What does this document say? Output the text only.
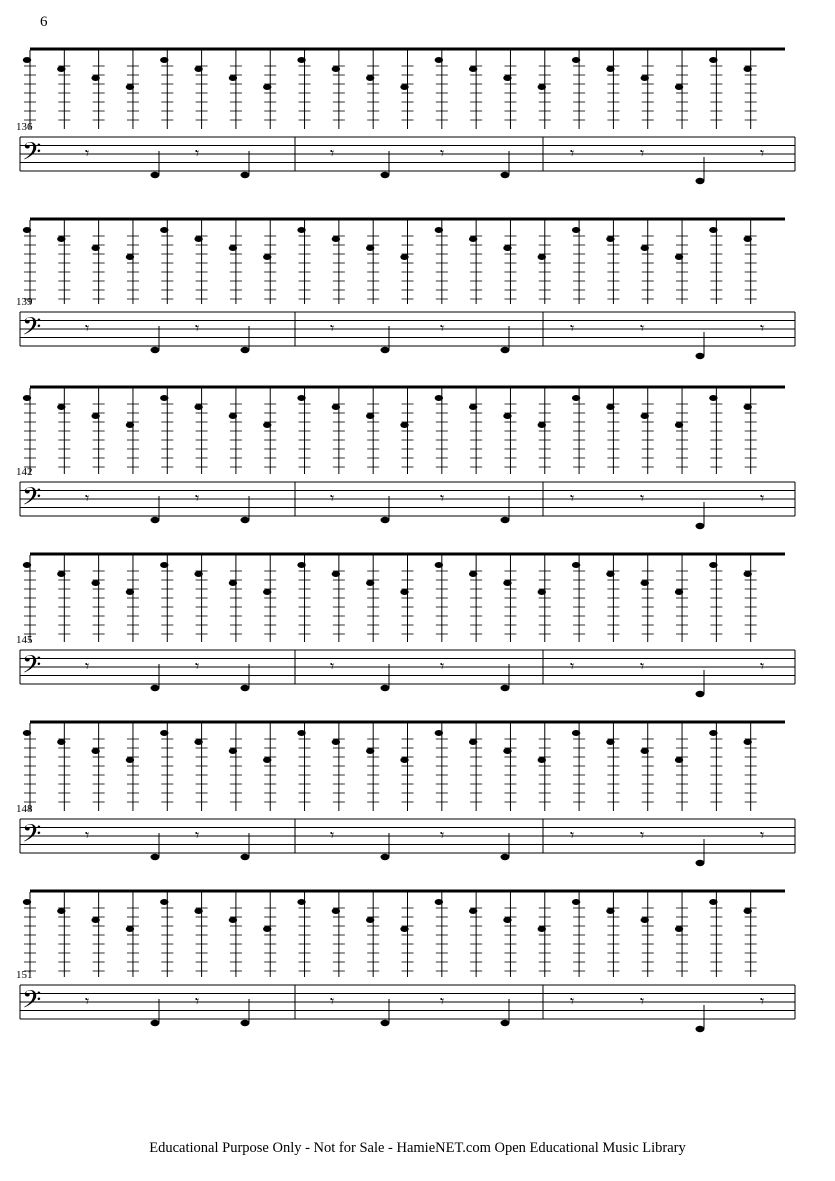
6
𝄢	𝄾	𝄾	𝄾	𝄾	𝄾	𝄾	𝄾
136
𝄢	𝄾	𝄾	𝄾	𝄾	𝄾	𝄾	𝄾
139
𝄢	𝄾	𝄾	𝄾	𝄾	𝄾	𝄾	𝄾
142
𝄢	𝄾	𝄾	𝄾	𝄾	𝄾	𝄾	𝄾
145
𝄢	𝄾	𝄾	𝄾	𝄾	𝄾	𝄾	𝄾
148
𝄢	𝄾	𝄾	𝄾	𝄾	𝄾	𝄾	𝄾
151
Educational Purpose Only - Not for Sale - HamieNET.com Open Educational Music Library
